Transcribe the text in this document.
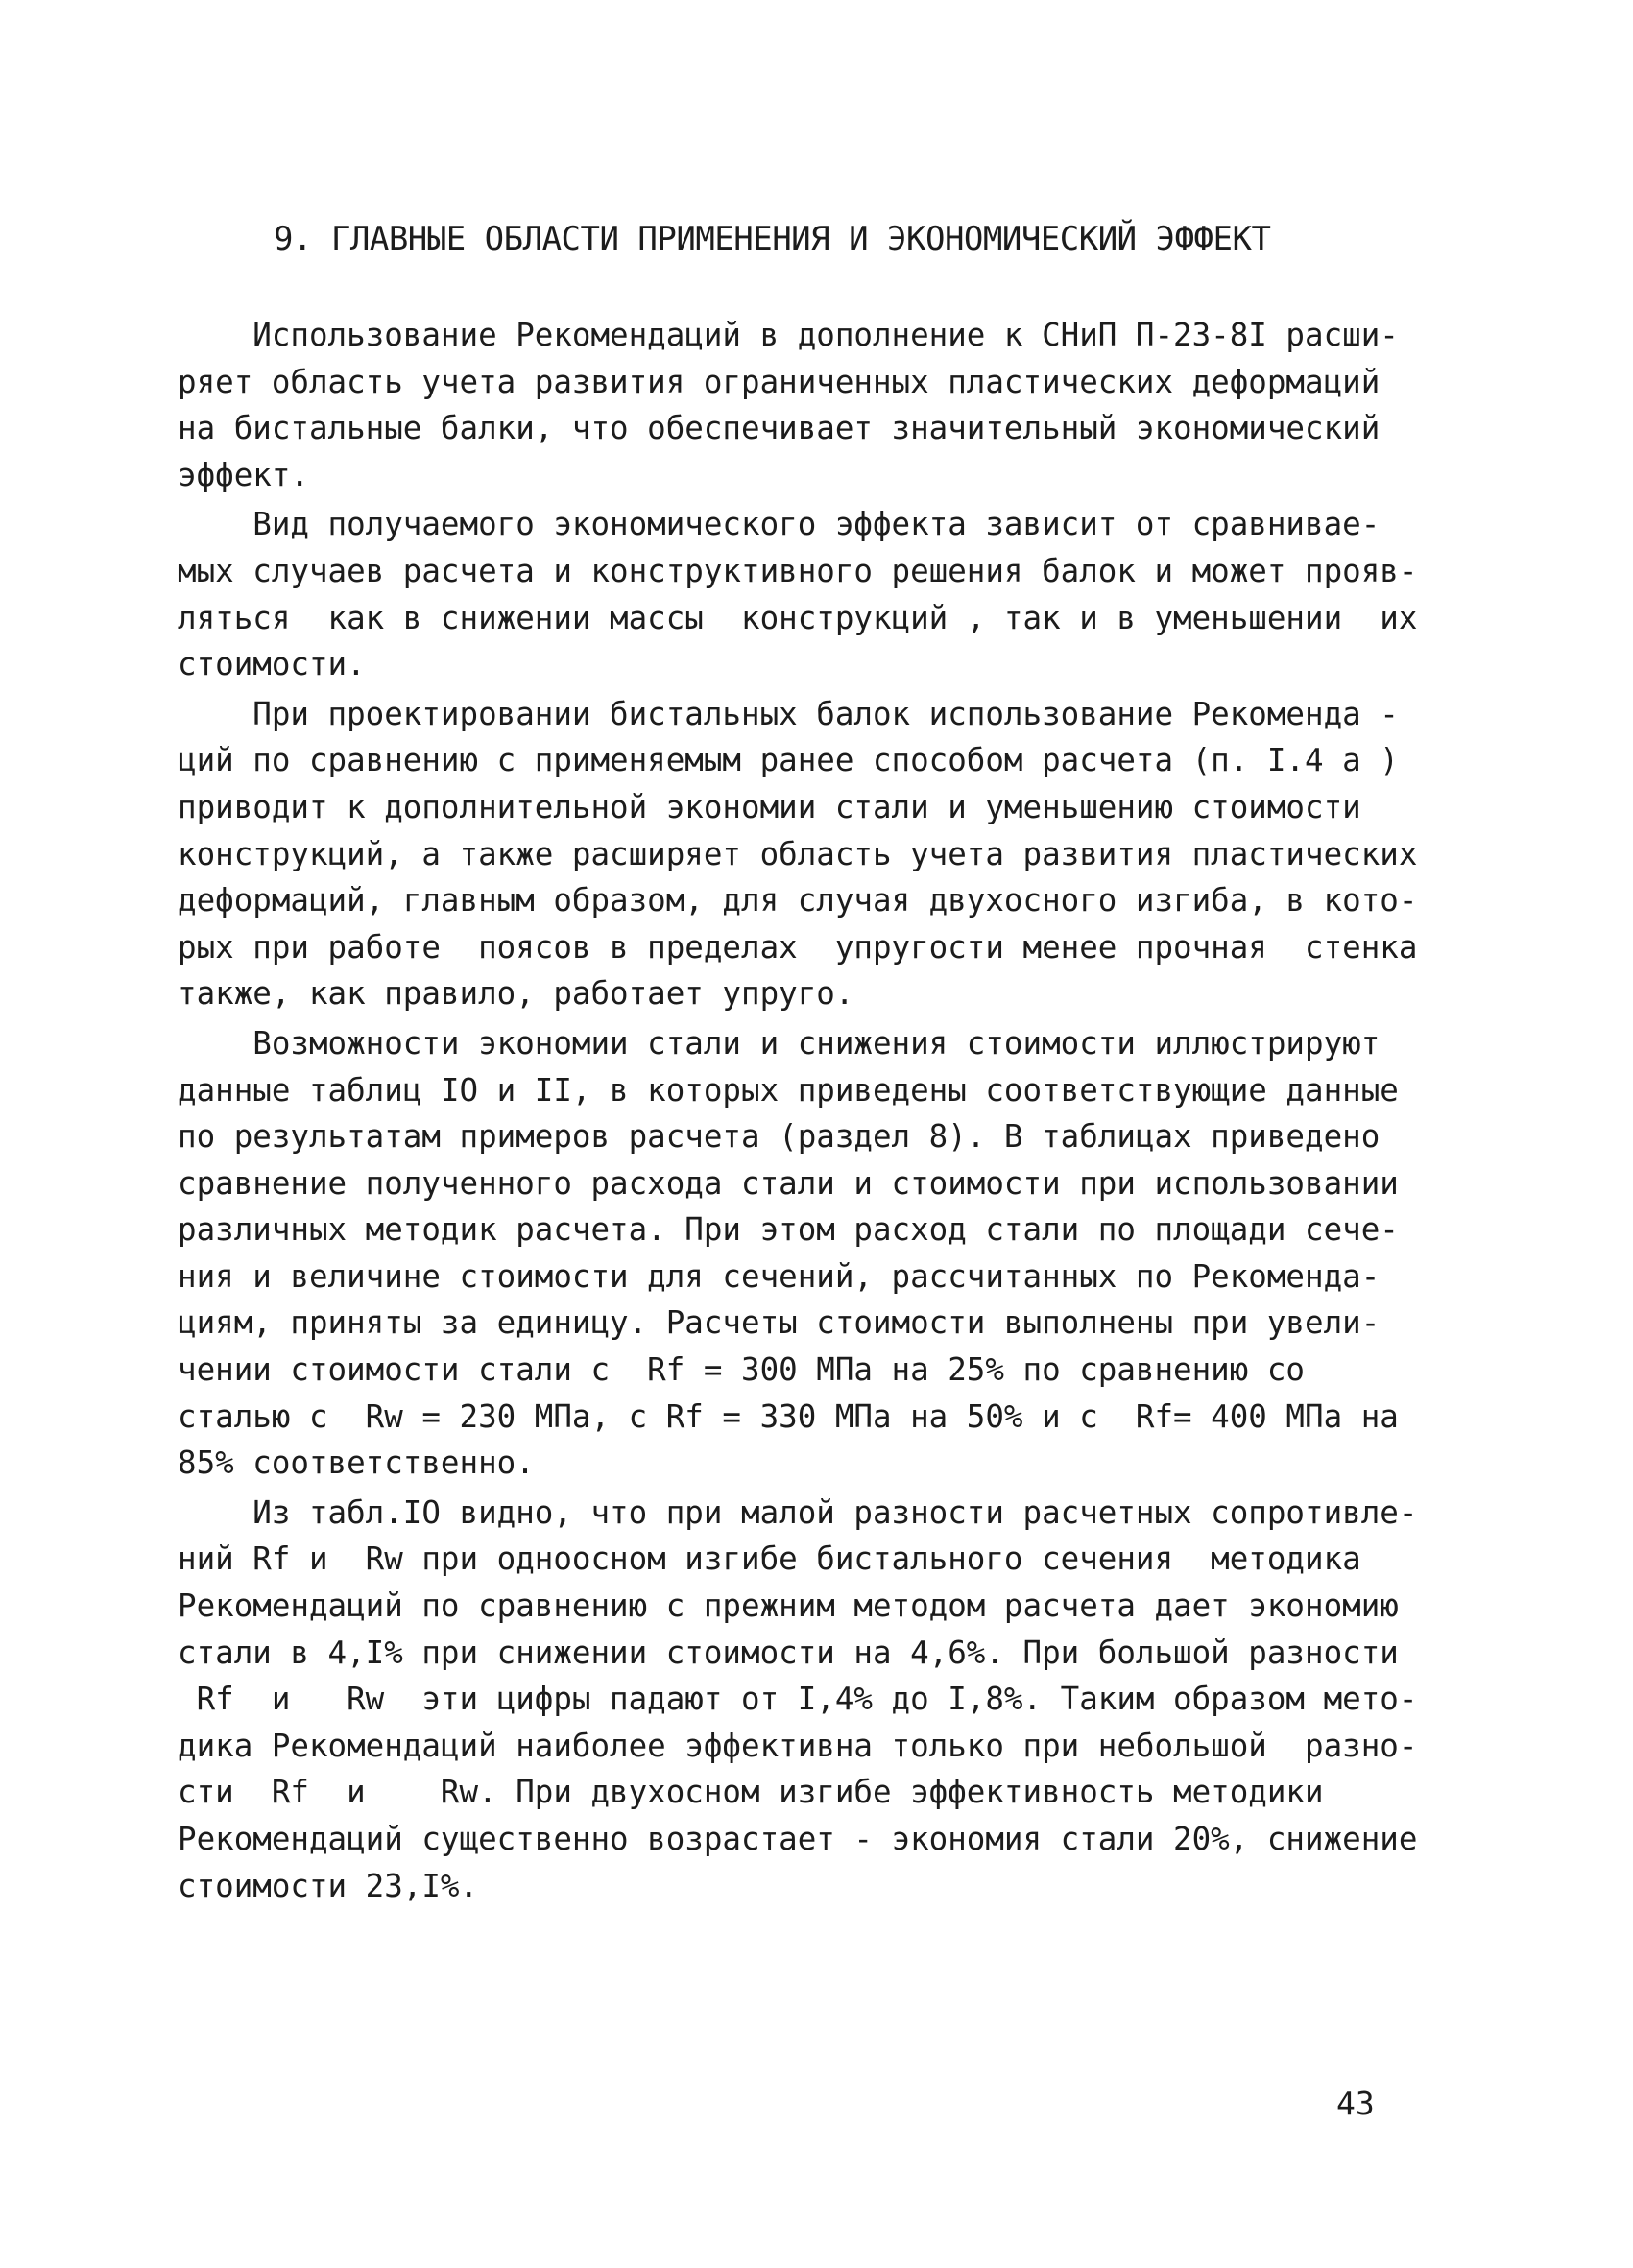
9. ГЛАВНЫЕ ОБЛАСТИ ПРИМЕНЕНИЯ И ЭКОНОМИЧЕСКИЙ ЭФФЕКТ
Использование Рекомендаций в дополнение к СНиП П-23-8I расши-
ряет область учета развития ограниченных пластических деформаций
на бистальные балки, что обеспечивает значительный экономический
эффект.
Вид получаемого экономического эффекта зависит от сравнивае-
мых случаев расчета и конструктивного решения балок и может прояв-
ляться  как в снижении массы  конструкций , так и в уменьшении  их
стоимости.
При проектировании бистальных балок использование Рекоменда -
ций по сравнению с применяемым ранее способом расчета (п. I.4 а )
приводит к дополнительной экономии стали и уменьшению стоимости
конструкций, а также расширяет область учета развития пластических
деформаций, главным образом, для случая двухосного изгиба, в кото-
рых при работе  поясов в пределах  упругости менее прочная  стенка
также, как правило, работает упруго.
Возможности экономии стали и снижения стоимости иллюстрируют
данные таблиц IO и II, в которых приведены соответствующие данные
по результатам примеров расчета (раздел 8). В таблицах приведено
сравнение полученного расхода стали и стоимости при использовании
различных методик расчета. При этом расход стали по площади сече-
ния и величине стоимости для сечений, рассчитанных по Рекоменда-
циям, приняты за единицу. Расчеты стоимости выполнены при увели-
чении стоимости стали с  Rf = 300 МПа на 25% по сравнению со
сталью с  Rw = 230 МПа, с Rf = 330 МПа на 50% и с  Rf= 400 МПа на
85% соответственно.
Из табл.IO видно, что при малой разности расчетных сопротивле-
ний Rf и  Rw при одноосном изгибе бистального сечения  методика
Рекомендаций по сравнению с прежним методом расчета дает экономию
стали в 4,I% при снижении стоимости на 4,6%. При большой разности
Rf  и   Rw  эти цифры падают от I,4% до I,8%. Таким образом мето-
дика Рекомендаций наиболее эффективна только при небольшой  разно-
сти  Rf  и    Rw. При двухосном изгибе эффективность методики
Рекомендаций существенно возрастает - экономия стали 20%, снижение
стоимости 23,I%.
43
